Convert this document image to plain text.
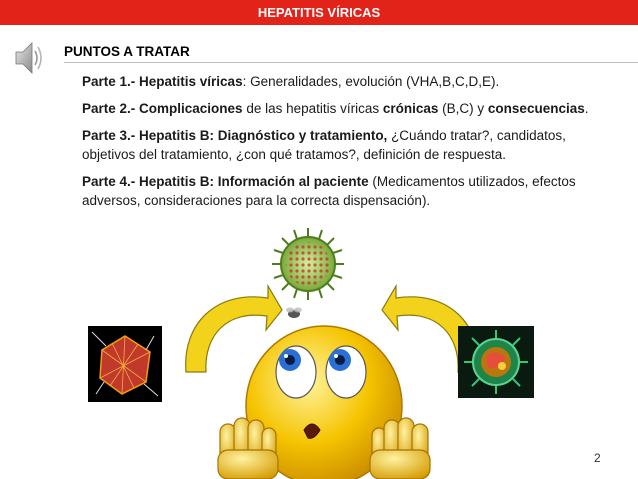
HEPATITIS VÍRICAS
PUNTOS A TRATAR

Parte 1.- Hepatitis víricas: Generalidades, evolución (VHA,B,C,D,E).

Parte 2.- Complicaciones de las hepatitis víricas crónicas (B,C) y consecuencias.

Parte 3.- Hepatitis B: Diagnóstico y tratamiento, ¿Cuándo tratar?, candidatos, objetivos del tratamiento, ¿con qué tratamos?, definición de respuesta.

Parte 4.- Hepatitis B: Información al paciente (Medicamentos utilizados, efectos adversos, consideraciones para la correcta dispensación).

2
